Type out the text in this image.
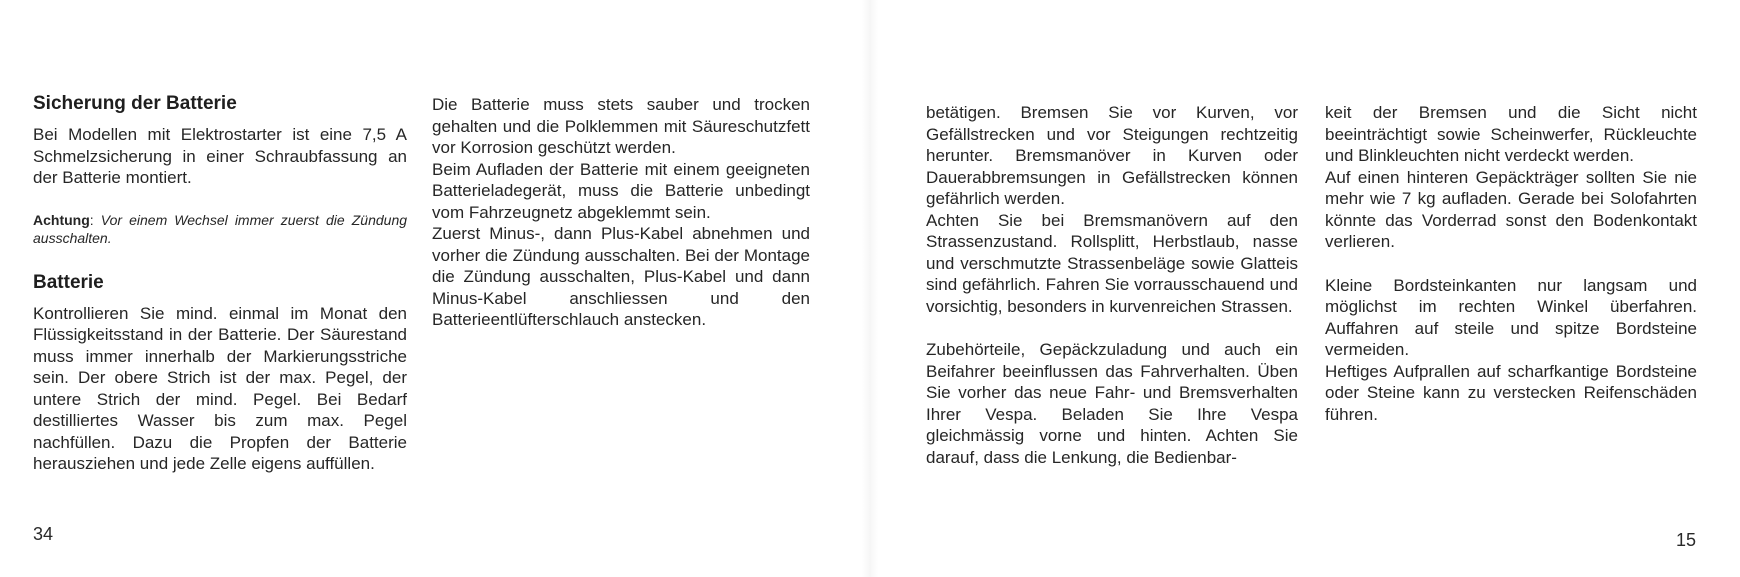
Sicherung der Batterie

Bei Modellen mit Elektrostarter ist eine 7,5 A Schmelzsicherung in einer Schraubfassung an der Batterie montiert.

Achtung: Vor einem Wechsel immer zuerst die Zündung ausschalten.

Batterie

Kontrollieren Sie mind. einmal im Monat den Flüssigkeitsstand in der Batterie. Der Säurestand muss immer innerhalb der Markierungsstriche sein. Der obere Strich ist der max. Pegel, der untere Strich der mind. Pegel. Bei Bedarf destilliertes Wasser bis zum max. Pegel nachfüllen. Dazu die Propfen der Batterie herausziehen und jede Zelle eigens auffüllen.

Die Batterie muss stets sauber und trocken gehalten und die Polklemmen mit Säureschutzfett vor Korrosion geschützt werden.

Beim Aufladen der Batterie mit einem geeigneten Batterieladegerät, muss die Batterie unbedingt vom Fahrzeugnetz abgeklemmt sein.

Zuerst Minus-, dann Plus-Kabel abnehmen und vorher die Zündung ausschalten. Bei der Montage die Zündung ausschalten, Plus-Kabel und dann Minus-Kabel anschliessen und den Batterieentlüfterschlauch anstecken.

34

betätigen. Bremsen Sie vor Kurven, vor Gefällstrecken und vor Steigungen rechtzeitig herunter. Bremsmanöver in Kurven oder Dauerabbremsungen in Gefällstrecken können gefährlich werden.

Achten Sie bei Bremsmanövern auf den Strassenzustand. Rollsplitt, Herbstlaub, nasse und verschmutzte Strassenbeläge sowie Glatteis sind gefährlich. Fahren Sie vorrausschauend und vorsichtig, besonders in kurvenreichen Strassen.

Zubehörteile, Gepäckzuladung und auch ein Beifahrer beeinflussen das Fahrverhalten. Üben Sie vorher das neue Fahr- und Bremsverhalten Ihrer Vespa. Beladen Sie Ihre Vespa gleichmässig vorne und hinten. Achten Sie darauf, dass die Lenkung, die Bedienbar-

keit der Bremsen und die Sicht nicht beeinträchtigt sowie Scheinwerfer, Rückleuchte und Blinkleuchten nicht verdeckt werden.

Auf einen hinteren Gepäckträger sollten Sie nie mehr wie 7 kg aufladen. Gerade bei Solofahrten könnte das Vorderrad sonst den Bodenkontakt verlieren.

Kleine Bordsteinkanten nur langsam und möglichst im rechten Winkel überfahren. Auffahren auf steile und spitze Bordsteine vermeiden.

Heftiges Aufprallen auf scharfkantige Bordsteine oder Steine kann zu verstecken Reifenschäden führen.

15
